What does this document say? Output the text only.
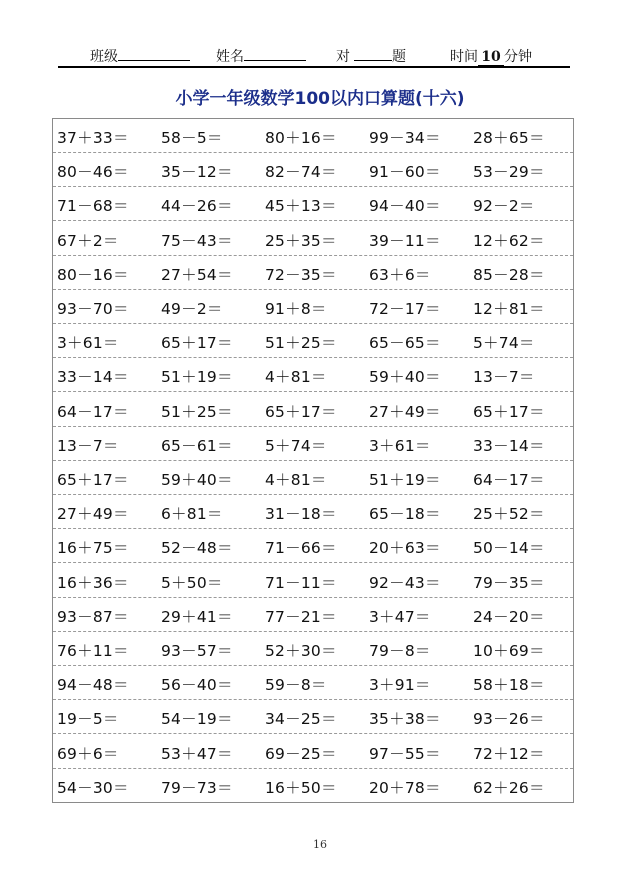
班级	姓名	对	题	时间 10 分钟
小学一年级数学100以内口算题(十六)
37＋33＝	58－5＝	80＋16＝	99－34＝	28＋65＝
80－46＝	35－12＝	82－74＝	91－60＝	53－29＝
71－68＝	44－26＝	45＋13＝	94－40＝	92－2＝
67＋2＝	75－43＝	25＋35＝	39－11＝	12＋62＝
80－16＝	27＋54＝	72－35＝	63＋6＝	85－28＝
93－70＝	49－2＝	91＋8＝	72－17＝	12＋81＝
3＋61＝	65＋17＝	51＋25＝	65－65＝	5＋74＝
33－14＝	51＋19＝	4＋81＝	59＋40＝	13－7＝
64－17＝	51＋25＝	65＋17＝	27＋49＝	65＋17＝
13－7＝	65－61＝	5＋74＝	3＋61＝	33－14＝
65＋17＝	59＋40＝	4＋81＝	51＋19＝	64－17＝
27＋49＝	6＋81＝	31－18＝	65－18＝	25＋52＝
16＋75＝	52－48＝	71－66＝	20＋63＝	50－14＝
16＋36＝	5＋50＝	71－11＝	92－43＝	79－35＝
93－87＝	29＋41＝	77－21＝	3＋47＝	24－20＝
76＋11＝	93－57＝	52＋30＝	79－8＝	10＋69＝
94－48＝	56－40＝	59－8＝	3＋91＝	58＋18＝
19－5＝	54－19＝	34－25＝	35＋38＝	93－26＝
69＋6＝	53＋47＝	69－25＝	97－55＝	72＋12＝
54－30＝	79－73＝	16＋50＝	20＋78＝	62＋26＝
16
